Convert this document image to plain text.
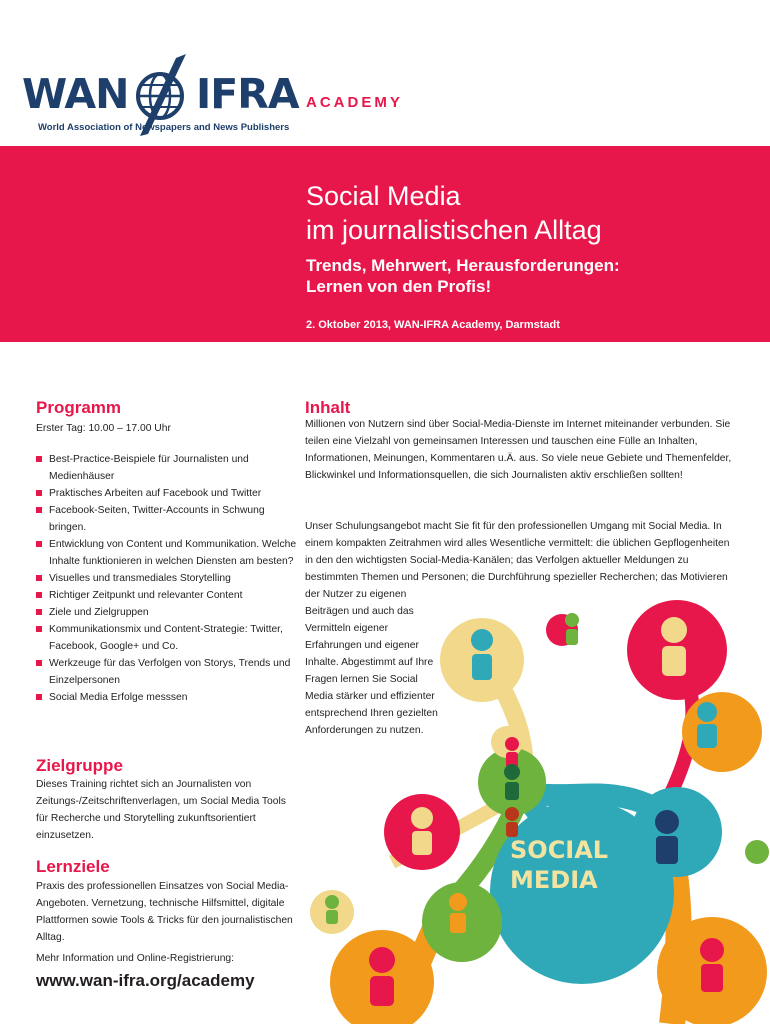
WAN IFRA ACADEMY
World Association of Newspapers and News Publishers
Social Media
im journalistischen Alltag
Trends, Mehrwert, Herausforderungen:
Lernen von den Profis!
2. Oktober 2013, WAN-IFRA Academy, Darmstadt
SOCIAL
MEDIA
Programm
Erster Tag: 10.00 – 17.00 Uhr
Best-Practice-Beispiele für Journalisten und Medienhäuser
Praktisches Arbeiten auf Facebook und Twitter
Facebook-Seiten, Twitter-Accounts in Schwung bringen.
Entwicklung von Content und Kommunikation. Welche Inhalte funktionieren in welchen Diensten am besten?
Visuelles und transmediales Storytelling
Richtiger Zeitpunkt und relevanter Content
Ziele und Zielgruppen
Kommunikationsmix und Content-Strategie: Twitter, Facebook, Google+ und Co.
Werkzeuge für das Verfolgen von Storys, Trends und Einzelpersonen
Social Media Erfolge messsen
Zielgruppe
Dieses Training richtet sich an Journalisten von Zeitungs-/Zeitschriftenverlagen, um Social Media Tools für Recherche und Storytelling zukunftsorientiert einzusetzen.
Lernziele
Praxis des professionellen Einsatzes von Social Media-Angeboten. Vernetzung, technische Hilfsmittel, digitale Plattformen sowie Tools & Tricks für den journalistischen Alltag.
Mehr Information und Online-Registrierung:
www.wan-ifra.org/academy
Inhalt
Millionen von Nutzern sind über Social-Media-Dienste im Internet miteinander verbunden. Sie teilen eine Vielzahl von gemeinsamen Interessen und tauschen eine Fülle an Inhalten, Informationen, Meinungen, Kommentaren u.Ä. aus. So viele neue Gebiete und Themenfelder, Blickwinkel und Informationsquellen, die sich Journalisten aktiv erschließen sollten!
Unser Schulungsangebot macht Sie fit für den professionellen Umgang mit Social Media. In einem kompakten Zeitrahmen wird alles Wesentliche vermittelt: die üblichen Gepflogenheiten in den den wichtigsten Social-Media-Kanälen; das Verfolgen aktueller Meldungen zu bestimmten Themen und Personen; die Durchführung spezieller Recherchen; das Motivieren der Nutzer zu eigenen
Beiträgen und auch das Vermitteln eigener Erfahrungen und eigener Inhalte. Abgestimmt auf Ihre Fragen lernen Sie Social Media stärker und effizienter entsprechend Ihren gezielten Anforderungen zu nutzen.
